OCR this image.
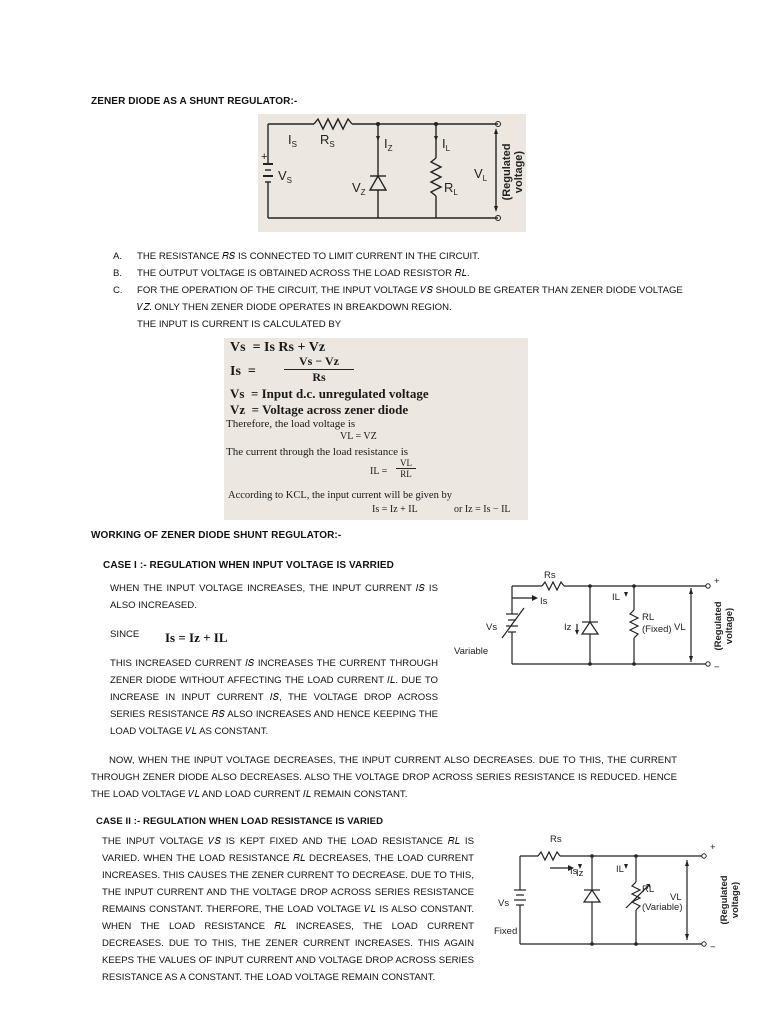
ZENER DIODE AS A SHUNT REGULATOR:-
$I_S$ $R_S$	$I_Z$	$I_L$
$V_S$
+
$V_Z$	$R_L$
$V_L$ (Regulated voltage)
A. THE RESISTANCE 𝑅𝑆 IS CONNECTED TO LIMIT CURRENT IN THE CIRCUIT.
B. THE OUTPUT VOLTAGE IS OBTAINED ACROSS THE LOAD RESISTOR 𝑅𝐿.
C. FOR THE OPERATION OF THE CIRCUIT, THE INPUT VOLTAGE 𝑉𝑆 SHOULD BE GREATER THAN ZENER DIODE VOLTAGE 𝑉𝑍. ONLY THEN ZENER DIODE OPERATES IN BREAKDOWN REGION.
THE INPUT IS CURRENT IS CALCULATED BY
Vs = Is Rs + Vz
Is  =
Vs − Vz
Rs
Vs = Input d.c. unregulated voltage
Vz = Voltage across zener diode
Therefore, the load voltage is
VL = VZ
The current through the load resistance is
IL =
VL
RL
According to KCL, the input current will be given by
Is = Iz + IL	or Iz = Is − IL
WORKING OF ZENER DIODE SHUNT REGULATOR:-
CASE I :- REGULATION WHEN INPUT VOLTAGE IS VARRIED
WHEN THE INPUT VOLTAGE INCREASES, THE INPUT CURRENT 𝐼𝑆 IS ALSO INCREASED.
SINCE Is = Iz + IL
THIS INCREASED CURRENT 𝐼𝑆 INCREASES THE CURRENT THROUGH ZENER DIODE WITHOUT AFFECTING THE LOAD CURRENT 𝐼𝐿. DUE TO INCREASE IN INPUT CURRENT 𝐼𝑆, THE VOLTAGE DROP ACROSS SERIES RESISTANCE 𝑅𝑆 ALSO INCREASES AND HENCE KEEPING THE LOAD VOLTAGE 𝑉𝐿 AS CONSTANT.
Rs
Is	IL
Iz
Vs
RL
(Fixed) VL
Variable
+
−
(Regulated voltage)
NOW, WHEN THE INPUT VOLTAGE DECREASES, THE INPUT CURRENT ALSO DECREASES. DUE TO THIS, THE CURRENT THROUGH ZENER DIODE ALSO DECREASES. ALSO THE VOLTAGE DROP ACROSS SERIES RESISTANCE IS REDUCED. HENCE THE LOAD VOLTAGE 𝑉𝐿 AND LOAD CURRENT 𝐼𝐿 REMAIN CONSTANT.
CASE II :- REGULATION WHEN LOAD RESISTANCE IS VARIED
THE INPUT VOLTAGE 𝑉𝑆 IS KEPT FIXED AND THE LOAD RESISTANCE 𝑅𝐿 IS VARIED. WHEN THE LOAD RESISTANCE 𝑅𝐿 DECREASES, THE LOAD CURRENT INCREASES. THIS CAUSES THE ZENER CURRENT TO DECREASE. DUE TO THIS, THE INPUT CURRENT AND THE VOLTAGE DROP ACROSS SERIES RESISTANCE REMAINS CONSTANT. THERFORE, THE LOAD VOLTAGE 𝑉𝐿 IS ALSO CONSTANT. WHEN THE LOAD RESISTANCE 𝑅𝐿 INCREASES, THE LOAD CURRENT DECREASES. DUE TO THIS, THE ZENER CURRENT INCREASES. THIS AGAIN KEEPS THE VALUES OF INPUT CURRENT AND VOLTAGE DROP ACROSS SERIES RESISTANCE AS A CONSTANT. THE LOAD VOLTAGE REMAIN CONSTANT.
Rs
Is
Iz	IL
Vs
Fixed
RL
(Variable)
VL
+
−
(Regulated voltage)
